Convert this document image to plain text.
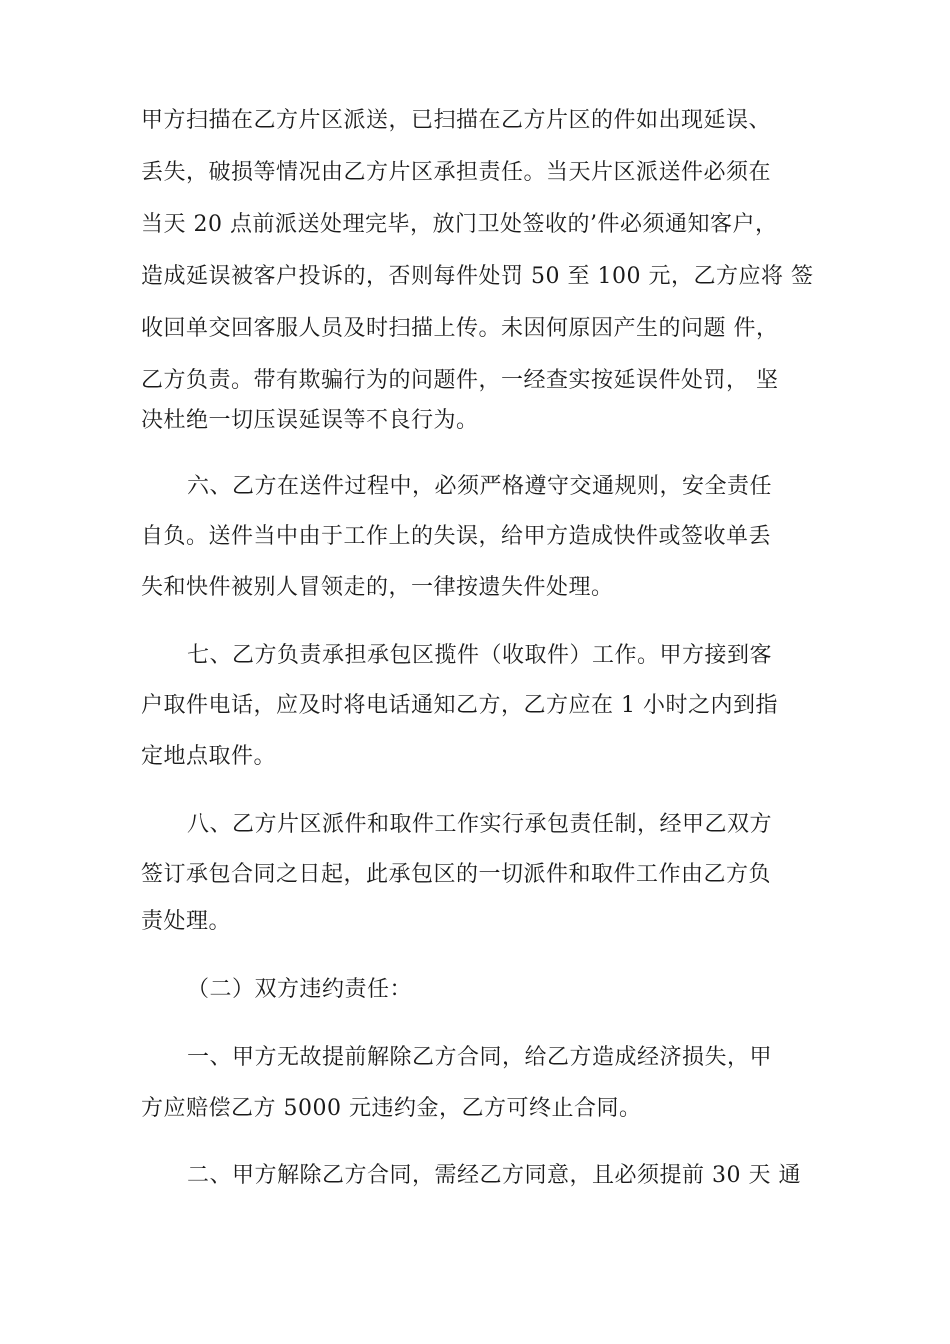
甲方扫描在乙方片区派送，已扫描在乙方片区的件如出现延误、
丢失，破损等情况由乙方片区承担责任。当天片区派送件必须在
当天 20 点前派送处理完毕，放门卫处签收的’件必须通知客户，
造成延误被客户投诉的，否则每件处罚 50 至 100 元，乙方应将 签
收回单交回客服人员及时扫描上传。未因何原因产生的问题 件，
乙方负责。带有欺骗行为的问题件，一经查实按延误件处罚， 坚
决杜绝一切压误延误等不良行为。
六、乙方在送件过程中，必须严格遵守交通规则，安全责任
自负。送件当中由于工作上的失误，给甲方造成快件或签收单丢
失和快件被别人冒领走的，一律按遗失件处理。
七、乙方负责承担承包区揽件（收取件）工作。甲方接到客
户取件电话，应及时将电话通知乙方，乙方应在 1 小时之内到指
定地点取件。
八、乙方片区派件和取件工作实行承包责任制，经甲乙双方
签订承包合同之日起，此承包区的一切派件和取件工作由乙方负
责处理。
（二）双方违约责任：
一、甲方无故提前解除乙方合同，给乙方造成经济损失，甲
方应赔偿乙方 5000 元违约金，乙方可终止合同。
二、甲方解除乙方合同，需经乙方同意，且必须提前 30 天 通
